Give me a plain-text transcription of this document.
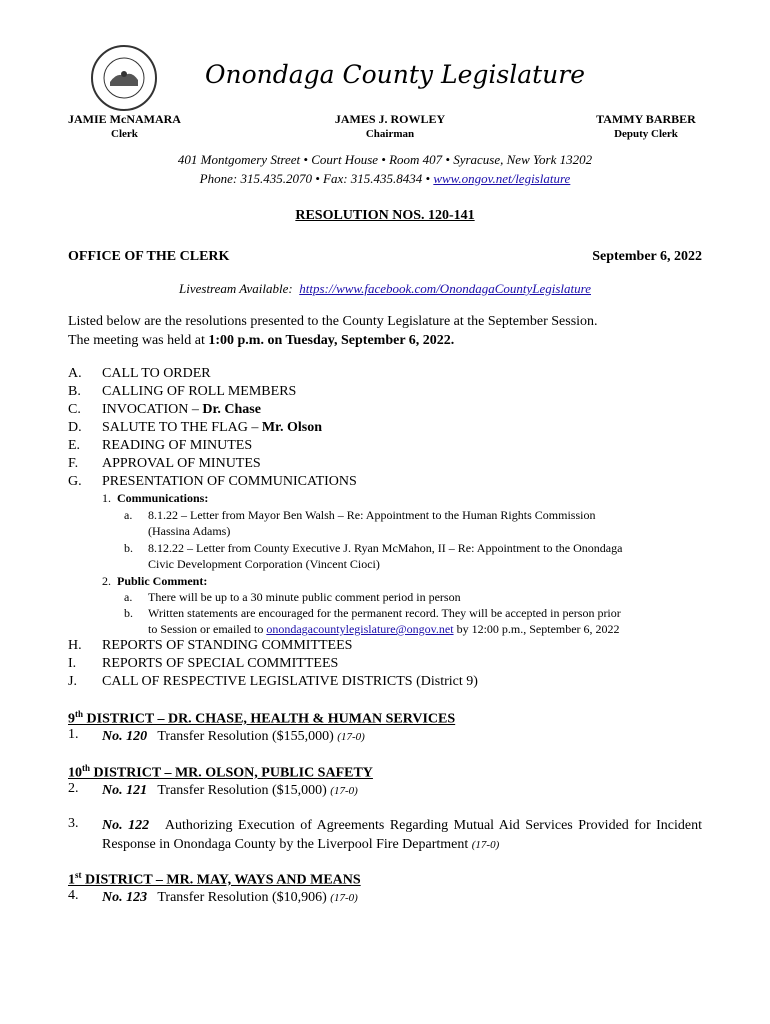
Onondaga County Legislature
JAMIE McNAMARA
Clerk
JAMES J. ROWLEY
Chairman
TAMMY BARBER
Deputy Clerk
401 Montgomery Street • Court House • Room 407 • Syracuse, New York 13202
Phone: 315.435.2070 • Fax: 315.435.8434 • www.ongov.net/legislature
RESOLUTION NOS. 120-141
OFFICE OF THE CLERK	September 6, 2022
Livestream Available: https://www.facebook.com/OnondagaCountyLegislature
Listed below are the resolutions presented to the County Legislature at the September Session.
The meeting was held at 1:00 p.m. on Tuesday, September 6, 2022.
A.	CALL TO ORDER
B.	CALLING OF ROLL MEMBERS
C.	INVOCATION – Dr. Chase
D.	SALUTE TO THE FLAG – Mr. Olson
E.	READING OF MINUTES
F.	APPROVAL OF MINUTES
G.	PRESENTATION OF COMMUNICATIONS
1.  Communications:
a. 8.1.22 – Letter from Mayor Ben Walsh – Re: Appointment to the Human Rights Commission
(Hassina Adams)
b. 8.12.22 – Letter from County Executive J. Ryan McMahon, II – Re: Appointment to the Onondaga
Civic Development Corporation (Vincent Cioci)
2.  Public Comment:
a. There will be up to a 30 minute public comment period in person
b. Written statements are encouraged for the permanent record. They will be accepted in person prior
to Session or emailed to onondagacountylegislature@ongov.net by 12:00 p.m., September 6, 2022
H.	REPORTS OF STANDING COMMITTEES
I.	REPORTS OF SPECIAL COMMITTEES
J.	CALL OF RESPECTIVE LEGISLATIVE DISTRICTS (District 9)
9th DISTRICT – DR. CHASE, HEALTH & HUMAN SERVICES
1. No. 120 Transfer Resolution ($155,000) (17-0)
10th DISTRICT – MR. OLSON, PUBLIC SAFETY
2. No. 121 Transfer Resolution ($15,000) (17-0)
3. No. 122 Authorizing Execution of Agreements Regarding Mutual Aid Services Provided for Incident Response in Onondaga County by the Liverpool Fire Department (17-0)
1st DISTRICT – MR. MAY, WAYS AND MEANS
4. No. 123 Transfer Resolution ($10,906) (17-0)
